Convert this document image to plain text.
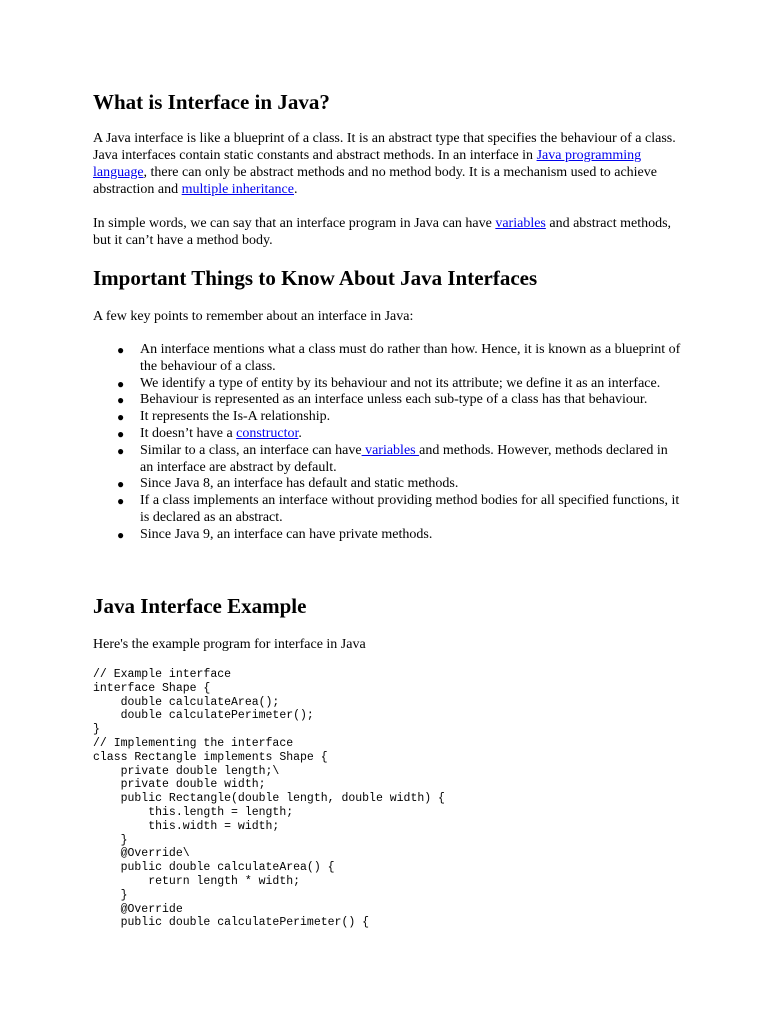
What is Interface in Java?

A Java interface is like a blueprint of a class. It is an abstract type that specifies the behaviour of a class. Java interfaces contain static constants and abstract methods. In an interface in Java programming language, there can only be abstract methods and no method body. It is a mechanism used to achieve abstraction and multiple inheritance.

In simple words, we can say that an interface program in Java can have variables and abstract methods, but it can’t have a method body.

Important Things to Know About Java Interfaces

A few key points to remember about an interface in Java:

● An interface mentions what a class must do rather than how. Hence, it is known as a blueprint of the behaviour of a class.
● We identify a type of entity by its behaviour and not its attribute; we define it as an interface.
● Behaviour is represented as an interface unless each sub-type of a class has that behaviour.
● It represents the Is-A relationship.
● It doesn’t have a constructor.
● Similar to a class, an interface can have variables and methods. However, methods declared in an interface are abstract by default.
● Since Java 8, an interface has default and static methods.
● If a class implements an interface without providing method bodies for all specified functions, it is declared as an abstract.
● Since Java 9, an interface can have private methods.
Java Interface Example

Here's the example program for interface in Java

// Example interface
interface Shape {
double calculateArea();
double calculatePerimeter();
}
// Implementing the interface
class Rectangle implements Shape {
private double length;\
private double width;
public Rectangle(double length, double width) {
this.length = length;
this.width = width;
}
@Override\
public double calculateArea() {
return length * width;
}
@Override
public double calculatePerimeter() {
